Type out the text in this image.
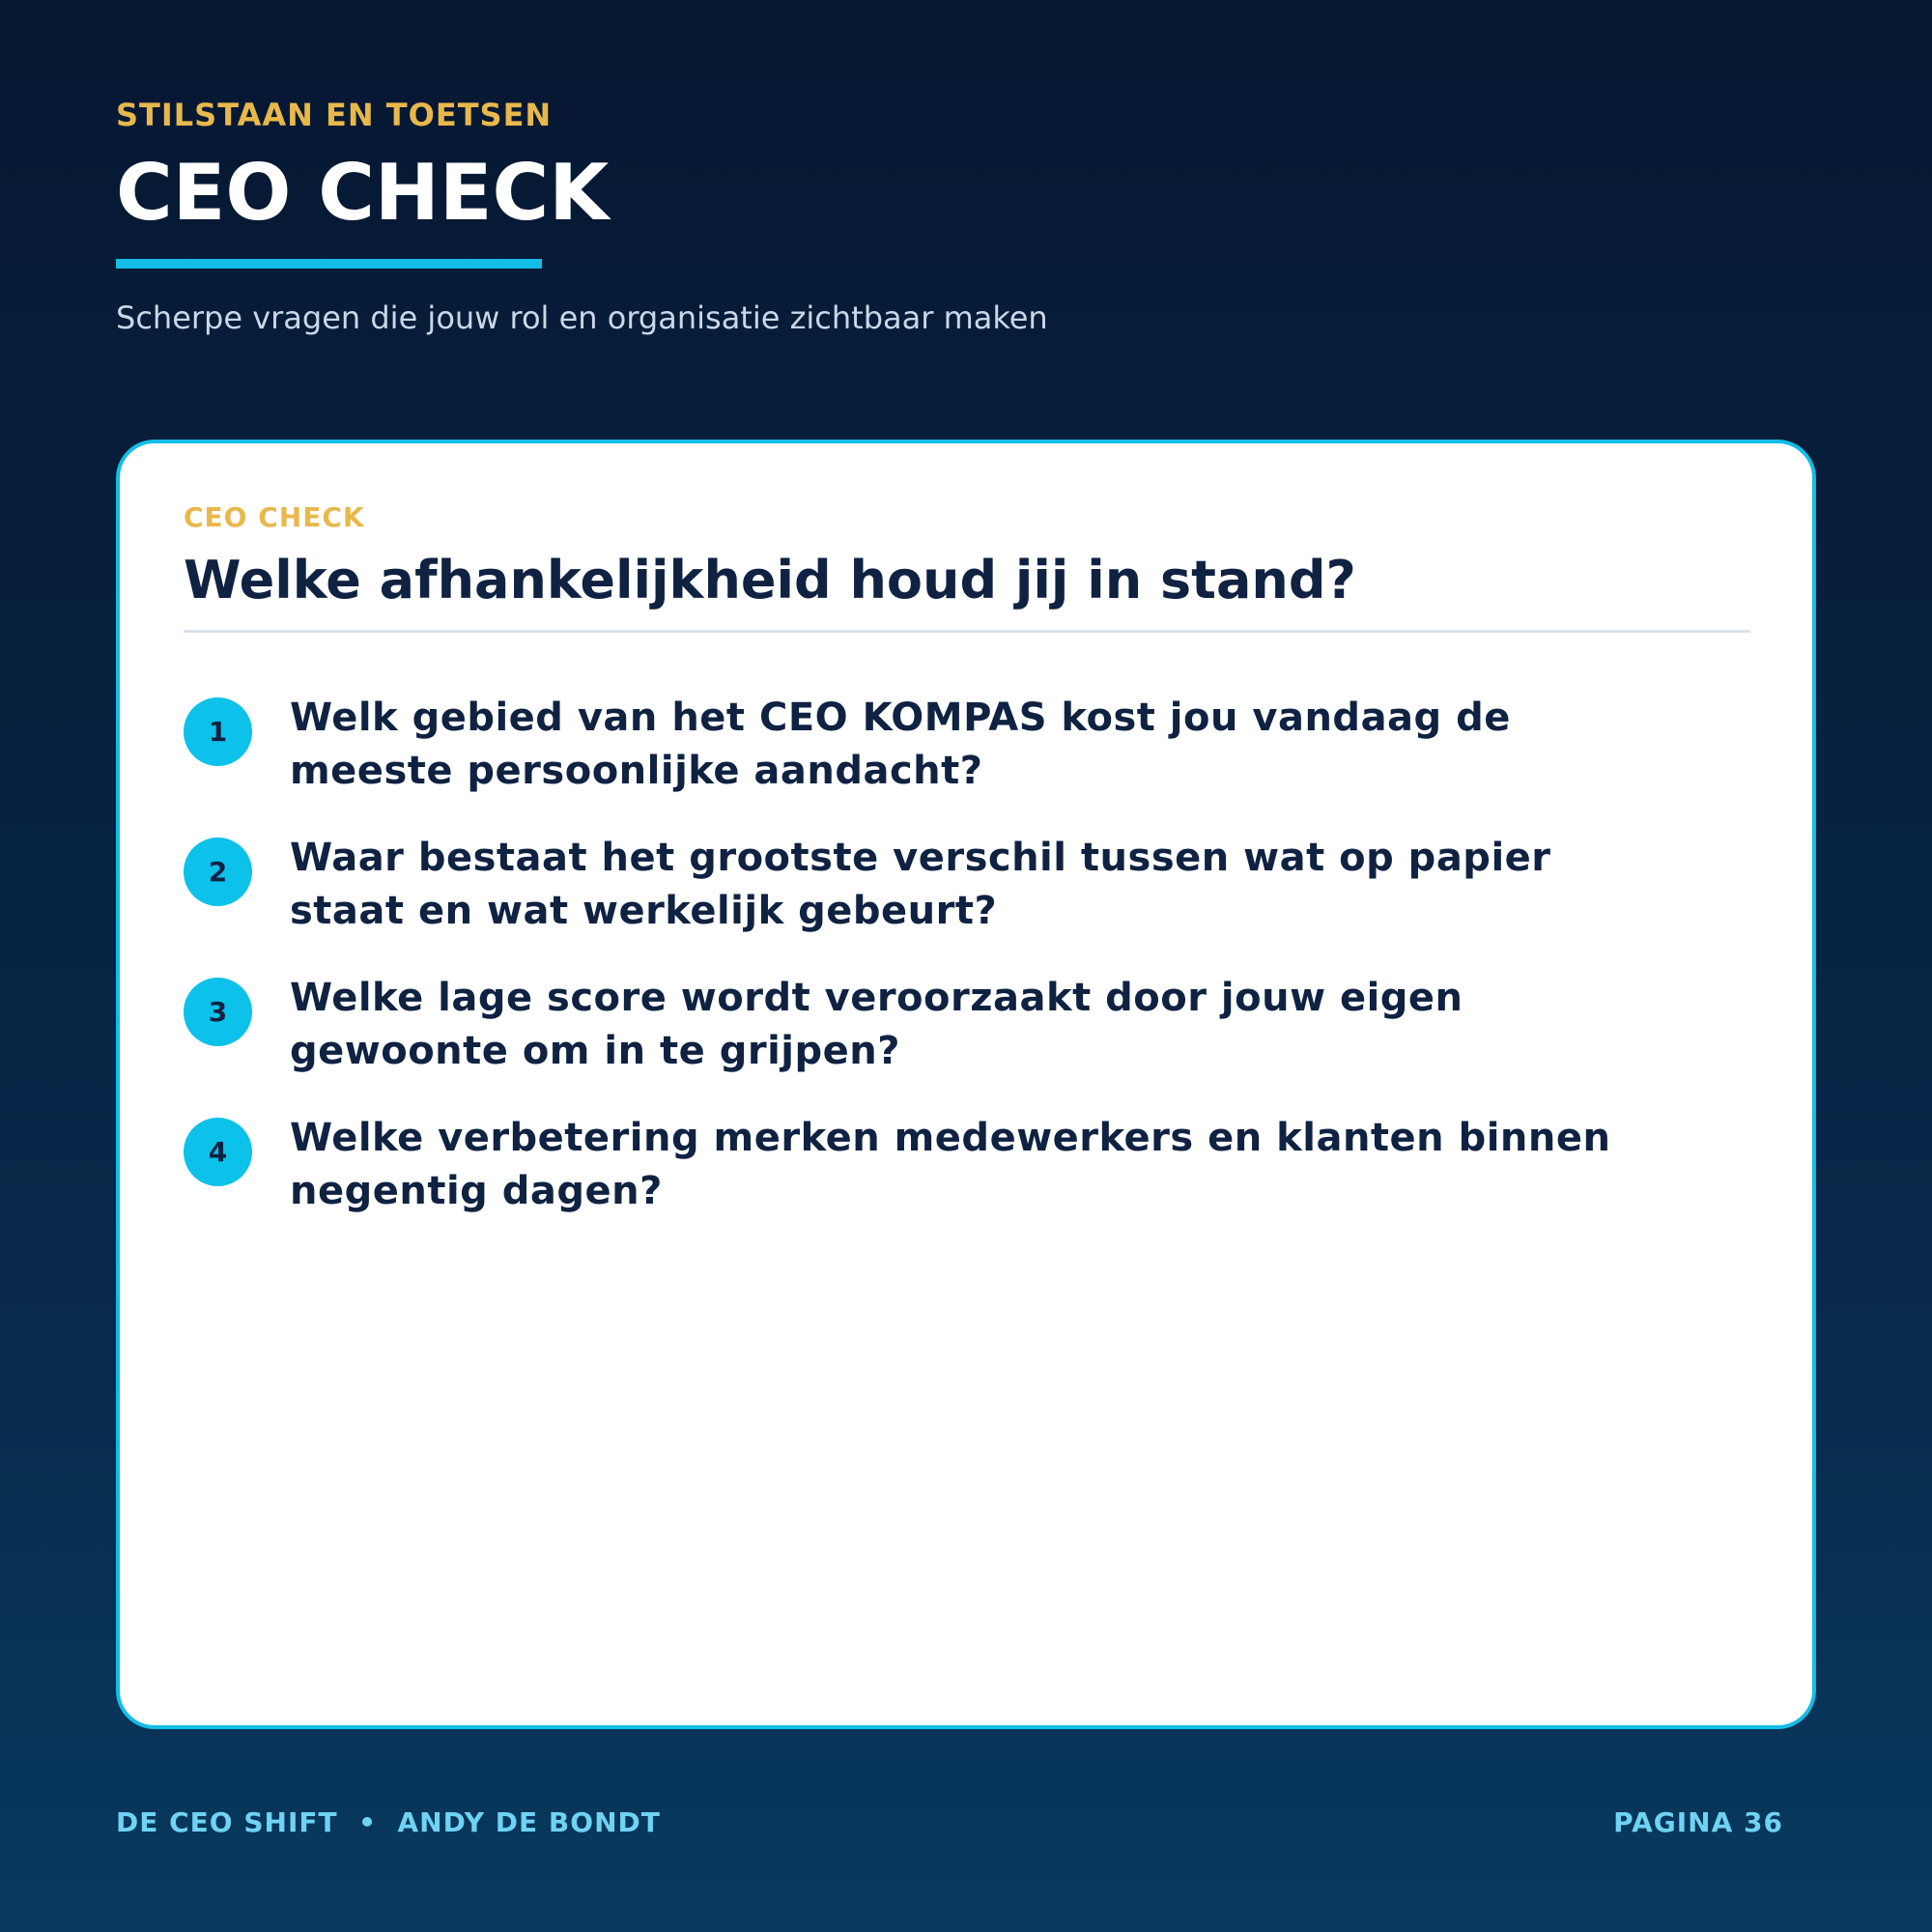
STILSTAAN EN TOETSEN
CEO CHECK
Scherpe vragen die jouw rol en organisatie zichtbaar maken
CEO CHECK
Welke afhankelijkheid houd jij in stand?
1	Welk gebied van het CEO KOMPAS kost jou vandaag de meeste persoonlijke aandacht?
2	Waar bestaat het grootste verschil tussen wat op papier staat en wat werkelijk gebeurt?
3	Welke lage score wordt veroorzaakt door jouw eigen gewoonte om in te grijpen?
4	Welke verbetering merken medewerkers en klanten binnen negentig dagen?
DE CEO SHIFT  •  ANDY DE BONDT	PAGINA 36
